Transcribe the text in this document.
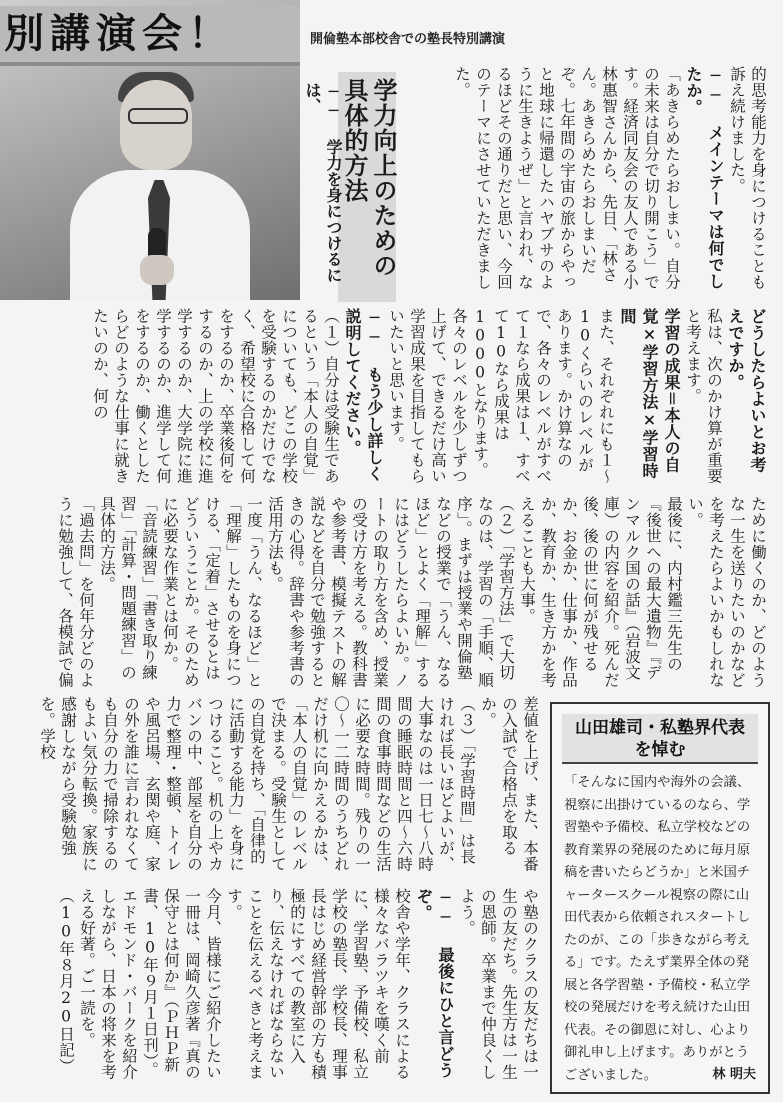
別講演会！	開倫塾本部校舎での塾長特別講演
学力向上のための具体的方法
── 学力を身につけるには、	的思考能力を身につけることも訴え続けました。
── メインテーマは何でしたか。
「あきらめたらおしまい。自分の未来は自分で切り開こう」です。経済同友会の友人である小林惠智さんから、先日、「林さん。あきらめたらおしまいだぞ。七年間の宇宙の旅からやっと地球に帰還したハヤブサのように生きようぜ」と言われ、なるほどその通りだと思い、今回のテーマにさせていただきました。
どうしたらよいとお考えですか。
私は、次のかけ算が重要と考えます。
学習の成果＝本人の自覚×学習方法×学習時間
また、それぞれにも１〜10くらいのレベルがあります。かけ算なので、各々のレベルがすべて１なら成果は１、すべて10なら成果は1000となります。各々のレベルを少しずつ上げて、できるだけ高い学習成果を目指してもらいたいと思います。
── もう少し詳しく説明してください。
（１）自分は受験生であるという「本人の自覚」についても、どこの学校を受験するのかだけでなく、希望校に合格して何をするのか、卒業後何をするのか、上の学校に進学するのか、大学院に進学するのか、進学して何をするのか、働くとしたらどのような仕事に就きたいのか、何の
ために働くのか、どのような一生を送りたいのかなどを考えたらよいかもしれない。
最後に、内村鑑三先生の『後世への最大遺物』『デンマルク国の話』（岩波文庫）の内容を紹介。死んだ後、後の世に何が残せるか、お金か、仕事か、作品か、教育か、生き方かを考えることも大事。
（２）「学習方法」で大切なのは、学習の「手順、順序」。まずは授業や開倫塾などの授業で「うん、なるほど」とよく「理解」するにはどうしたらよいか。ノートの取り方を含め、授業の受け方を考える。教科書や参考書、模擬テストの解説などを自分で勉強するときの心得。辞書や参考書の活用方法も。
一度「うん、なるほど」と「理解」したものを身につける、「定着」させるとはどういうことか。そのために必要な作業とは何か。「音読練習」「書き取り練習」「計算・問題練習」の具体的方法。
「過去問」を何年分どのように勉強して、各模試で偏
差値を上げ、また、本番の入試で合格点を取るか。
（３）「学習時間」は長ければ長いほどよいが、大事なのは一日七〜八時間の睡眠時間と四〜六時間の食事時間などの生活に必要な時間。残りの一〇〜一二時間のうちどれだけ机に向かえるかは、「本人の自覚」のレベルで決まる。受験生としての自覚を持ち、「自律的に活動する能力」を身につけること。机の上やカバンの中、部屋を自分の力で整理・整頓、トイレや風呂場、玄関や庭、家の外を誰に言われなくても自分の力で掃除するのもよい気分転換。家族に感謝しながら受験勉強を。学校
や塾のクラスの友だちは一生の友だち。先生方は一生の恩師。卒業まで仲良くしよう。
── 最後にひと言どうぞ。
校舎や学年、クラスによる様々なバラツキを嘆く前に、学習塾、予備校、私立学校の塾長、学校長、理事長はじめ経営幹部の方も積極的にすべての教室に入り、伝えなければならないことを伝えるべきと考えます。
今月、皆様にご紹介したい一冊は、岡崎久彦著『真の保守とは何か』（ＰＨＰ新書、10年９月１日刊）。エドモンド・バークを紹介しながら、日本の将来を考える好著。ご一読を。
（10年８月20日記）
山田雄司・私塾界代表
を悼む
「そんなに国内や海外の会議、視察に出掛けているのなら、学習塾や予備校、私立学校などの教育業界の発展のために毎月原稿を書いたらどうか」と米国チャータースクール視察の際に山田代表から依頼されスタートしたのが、この「歩きながら考える」です。たえず業界全体の発展と各学習塾・予備校・私立学校の発展だけを考え続けた山田代表。その御恩に対し、心より御礼申し上げます。ありがとうございました。	林 明夫
